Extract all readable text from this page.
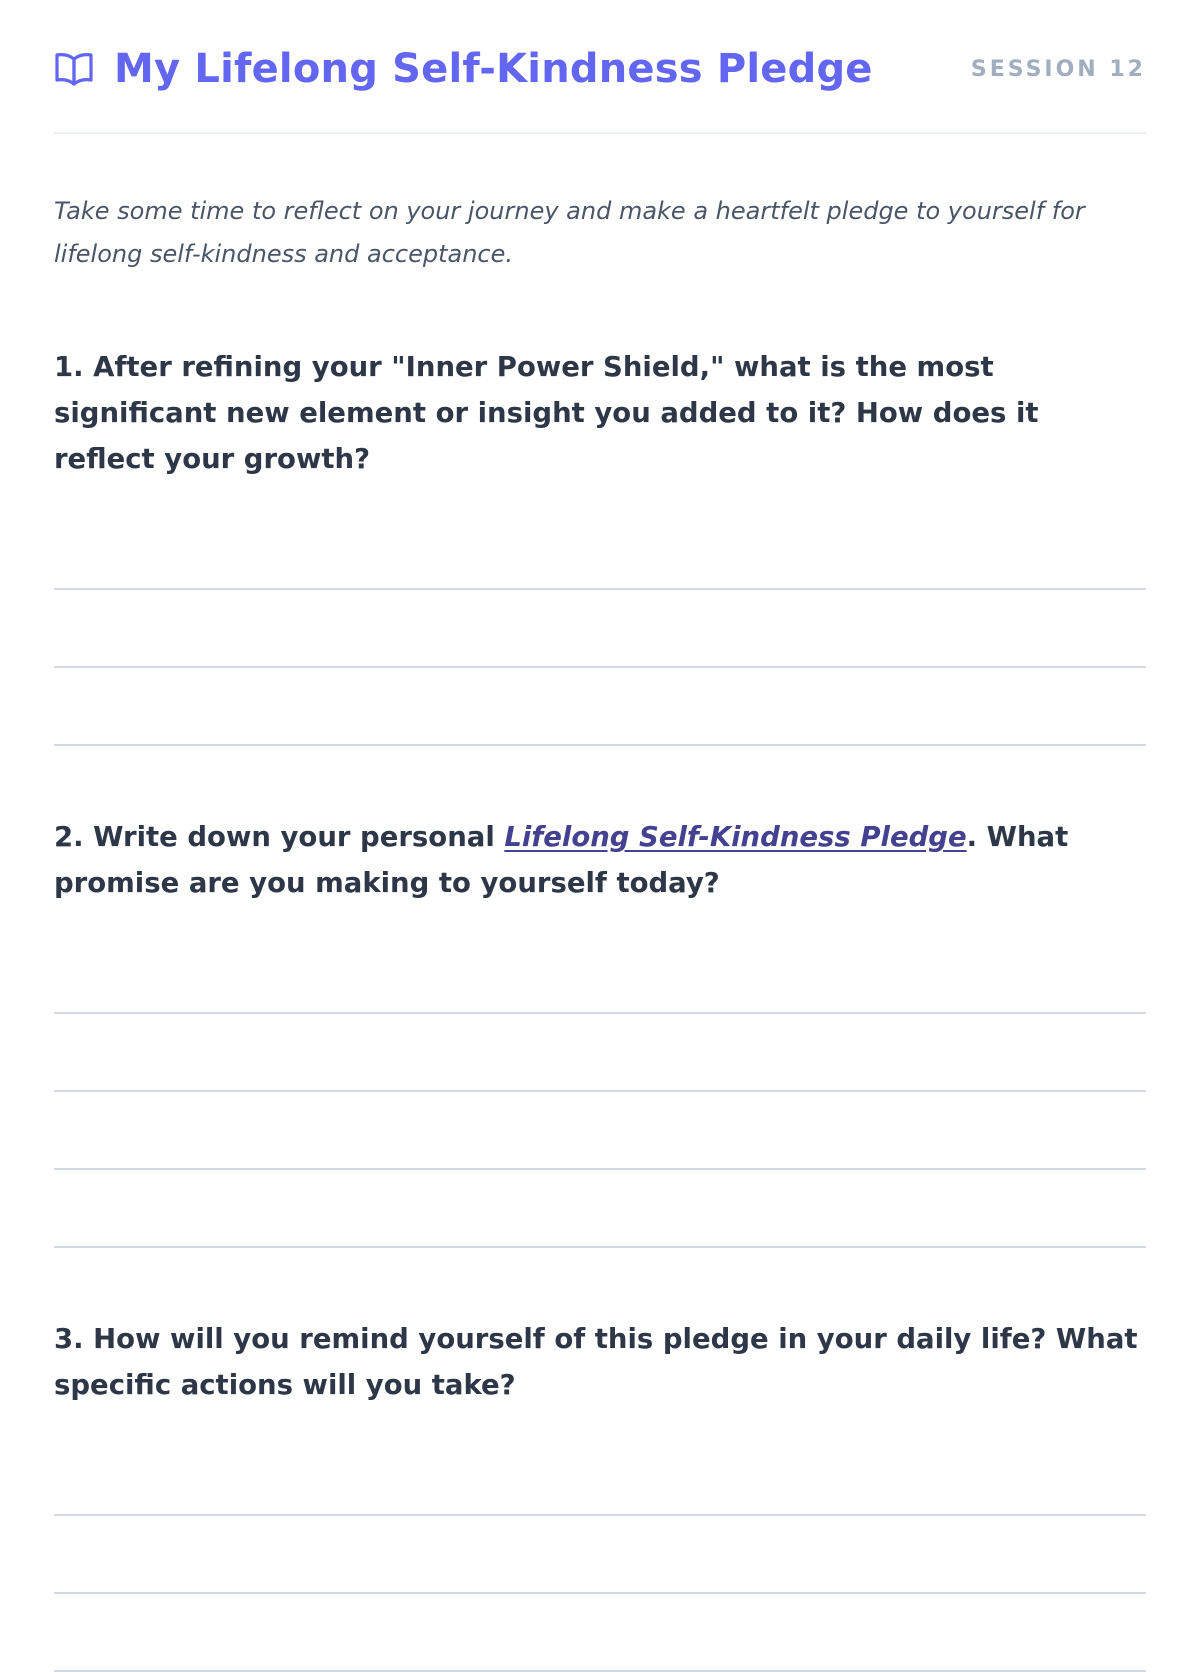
My Lifelong Self-Kindness Pledge	SESSION 12
Take some time to reflect on your journey and make a heartfelt pledge to yourself for lifelong self-kindness and acceptance.
1. After refining your "Inner Power Shield," what is the most significant new element or insight you added to it? How does it reflect your growth?
2. Write down your personal Lifelong Self-Kindness Pledge. What promise are you making to yourself today?
3. How will you remind yourself of this pledge in your daily life? What specific actions will you take?
